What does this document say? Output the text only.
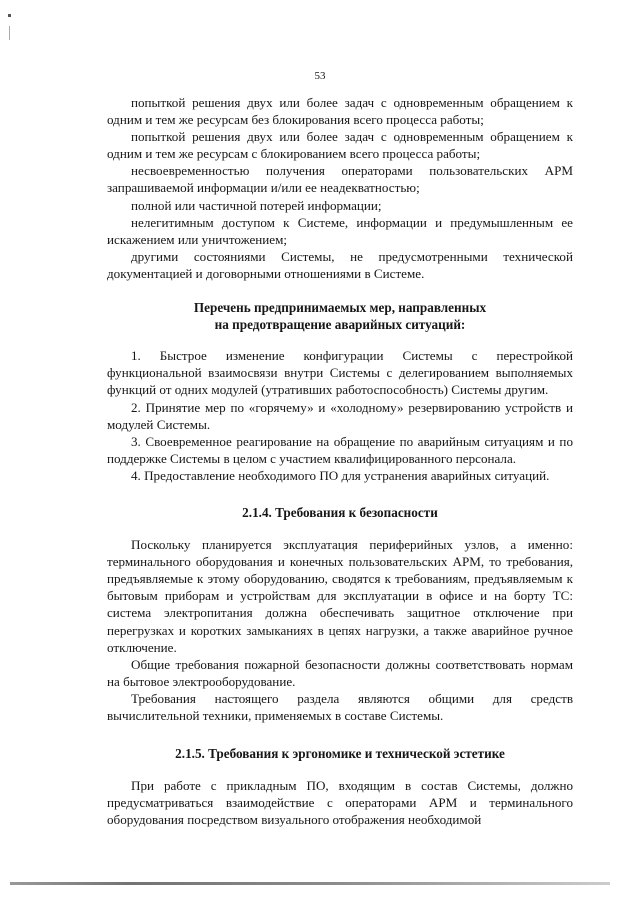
53

попыткой решения двух или более задач с одновременным обращением к одним и тем же ресурсам без блокирования всего процесса работы;

попыткой решения двух или более задач с одновременным обращением к одним и тем же ресурсам с блокированием всего процесса работы;

несвоевременностью получения операторами пользовательских АРМ запрашиваемой информации и/или ее неадекватностью;

полной или частичной потерей информации;

нелегитимным доступом к Системе, информации и предумышленным ее искажением или уничтожением;

другими состояниями Системы, не предусмотренными технической документацией и договорными отношениями в Системе.

Перечень предпринимаемых мер, направленных
на предотвращение аварийных ситуаций:

1. Быстрое изменение конфигурации Системы с перестройкой функциональной взаимосвязи внутри Системы с делегированием выполняемых функций от одних модулей (утративших работоспособность) Системы другим.

2. Принятие мер по «горячему» и «холодному» резервированию устройств и модулей Системы.

3. Своевременное реагирование на обращение по аварийным ситуациям и по поддержке Системы в целом с участием квалифицированного персонала.

4. Предоставление необходимого ПО для устранения аварийных ситуаций.

2.1.4. Требования к безопасности

Поскольку планируется эксплуатация периферийных узлов, а именно: терминального оборудования и конечных пользовательских АРМ, то требования, предъявляемые к этому оборудованию, сводятся к требованиям, предъявляемым к бытовым приборам и устройствам для эксплуатации в офисе и на борту ТС: система электропитания должна обеспечивать защитное отключение при перегрузках и коротких замыканиях в цепях нагрузки, а также аварийное ручное отключение.

Общие требования пожарной безопасности должны соответствовать нормам на бытовое электрооборудование.

Требования настоящего раздела являются общими для средств вычислительной техники, применяемых в составе Системы.

2.1.5. Требования к эргономике и технической эстетике

При работе с прикладным ПО, входящим в состав Системы, должно предусматриваться взаимодействие с операторами АРМ и терминального оборудования посредством визуального отображения необходимой
